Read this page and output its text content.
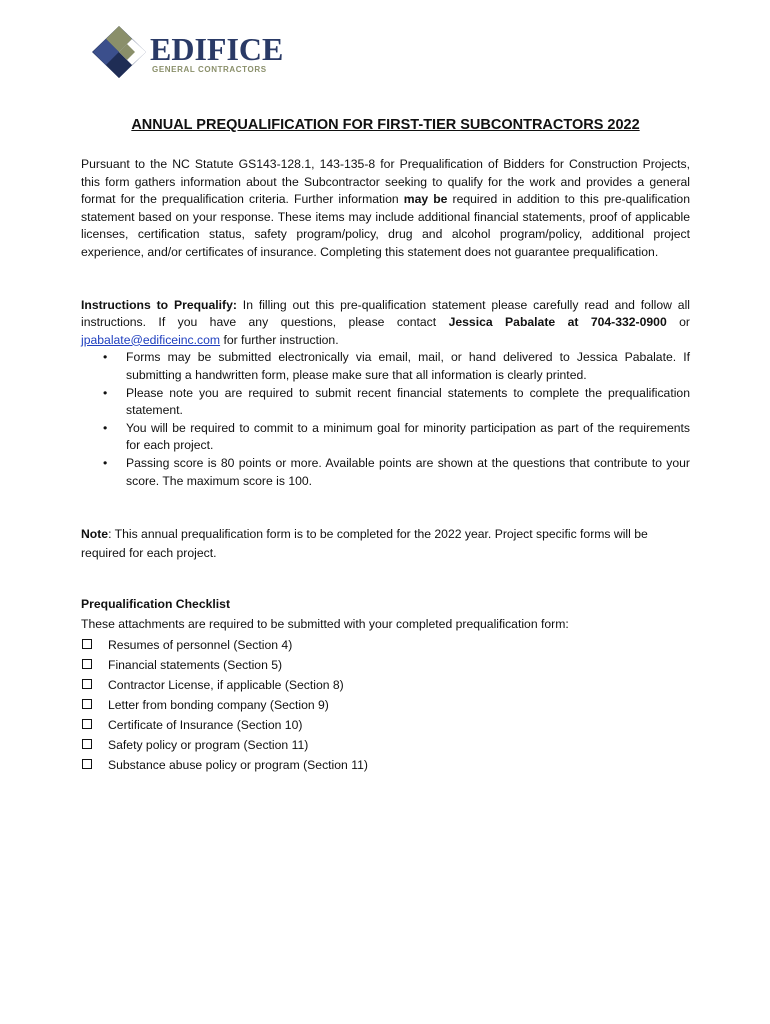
EDIFICE
GENERAL CONTRACTORS
ANNUAL PREQUALIFICATION FOR FIRST-TIER SUBCONTRACTORS 2022

Pursuant to the NC Statute GS143-128.1, 143-135-8 for Prequalification of Bidders for Construction Projects, this form gathers information about the Subcontractor seeking to qualify for the work and provides a general format for the prequalification criteria. Further information may be required in addition to this pre-qualification statement based on your response. These items may include additional financial statements, proof of applicable licenses, certification status, safety program/policy, drug and alcohol program/policy, additional project experience, and/or certificates of insurance. Completing this statement does not guarantee prequalification.

Instructions to Prequalify: In filling out this pre-qualification statement please carefully read and follow all instructions. If you have any questions, please contact Jessica Pabalate at 704-332-0900 or jpabalate@edificeinc.com for further instruction.

• Forms may be submitted electronically via email, mail, or hand delivered to Jessica Pabalate. If submitting a handwritten form, please make sure that all information is clearly printed.
• Please note you are required to submit recent financial statements to complete the prequalification statement.
• You will be required to commit to a minimum goal for minority participation as part of the requirements for each project.
• Passing score is 80 points or more. Available points are shown at the questions that contribute to your score. The maximum score is 100.

Note: This annual prequalification form is to be completed for the 2022 year. Project specific forms will be required for each project.

Prequalification Checklist

These attachments are required to be submitted with your completed prequalification form:

Resumes of personnel (Section 4)
Financial statements (Section 5)
Contractor License, if applicable (Section 8)
Letter from bonding company (Section 9)
Certificate of Insurance (Section 10)
Safety policy or program (Section 11)
Substance abuse policy or program (Section 11)
